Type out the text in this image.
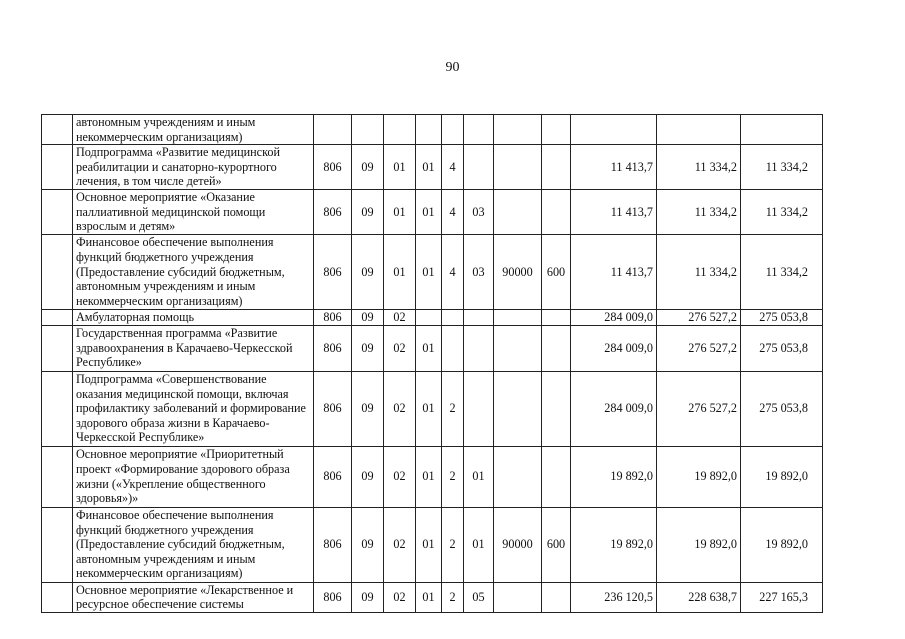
90
	автономным учреждениям и иным некоммерческим организациям)											
	Подпрограмма «Развитие медицинской реабилитации и санаторно-курортного лечения, в том числе детей»	806	09	01	01	4				11 413,7	11 334,2	11 334,2
	Основное мероприятие «Оказание паллиативной медицинской помощи взрослым и детям»	806	09	01	01	4	03			11 413,7	11 334,2	11 334,2
	Финансовое обеспечение выполнения функций бюджетного учреждения (Предоставление субсидий бюджетным, автономным учреждениям и иным некоммерческим организациям)	806	09	01	01	4	03	90000	600	11 413,7	11 334,2	11 334,2
	Амбулаторная помощь	806	09	02						284 009,0	276 527,2	275 053,8
	Государственная программа «Развитие здравоохранения в Карачаево-Черкесской Республике»	806	09	02	01					284 009,0	276 527,2	275 053,8
	Подпрограмма «Совершенствование оказания медицинской помощи, включая профилактику заболеваний и формирование здорового образа жизни в Карачаево-Черкесской Республике»	806	09	02	01	2				284 009,0	276 527,2	275 053,8
	Основное мероприятие «Приоритетный проект «Формирование здорового образа жизни («Укрепление общественного здоровья»)»	806	09	02	01	2	01			19 892,0	19 892,0	19 892,0
	Финансовое обеспечение выполнения функций бюджетного учреждения (Предоставление субсидий бюджетным, автономным учреждениям и иным некоммерческим организациям)	806	09	02	01	2	01	90000	600	19 892,0	19 892,0	19 892,0
	Основное мероприятие «Лекарственное и ресурсное обеспечение системы	806	09	02	01	2	05			236 120,5	228 638,7	227 165,3
